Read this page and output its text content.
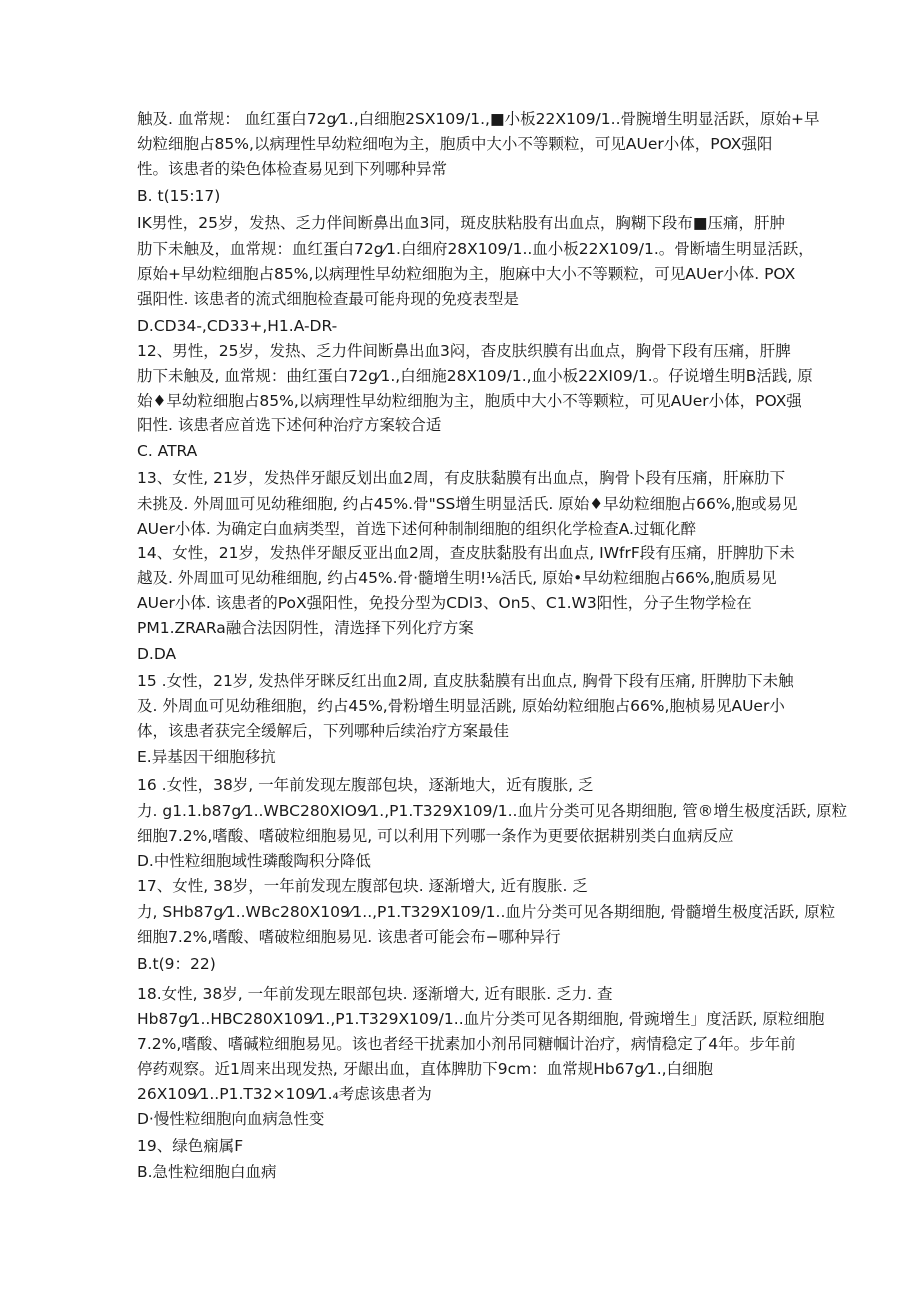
触及. 血常规： 血红蛋白72g⁄1.,白细胞2SX109/1.,■小板22X109/1..骨腕增生明显活跃，原始+早
幼粒细胞占85%,以病理性早幼粒细咆为主，胞质中大小不等颗粒，可见AUer小体，POX强阳
性。该患者的染色体检查易见到下列哪种异常
B. t(15:17)
IK男性，25岁，发热、乏力伴间断鼻出血3同，斑皮肤粘股有出血点，胸糊下段布■压痛，肝肿
肋下未触及，血常规：血红蛋白72g⁄1.白细府28X109/1..血小板22X109/1.。骨断墙生明显活跃，
原始+早幼粒细胞占85%,以病理性早幼粒细胞为主，胞麻中大小不等颗粒，可见AUer小体. POX
强阳性. 该患者的流式细胞检查最可能舟现的免疫表型是
D.CD34-,CD33+,H1.A-DR-
12、男性，25岁，发热、乏力件间断鼻出血3闷，杳皮肤织膜有出血点，胸骨下段有压痛，肝脾
肋下未触及, 血常规：曲红蛋白72g⁄1.,白细施28X109/1.,血小板22XI09/1.。仔说增生明B活践, 原
始♦早幼粒细胞占85%,以病理性早幼粒细胞为主，胞质中大小不等颗粒，可见AUer小体，POX强
阳性. 该患者应首选下述何种治疗方案较合适
C. ATRA
13、女性, 21岁，发热伴牙龈反划出血2周，有皮肤黏膜有出血点，胸骨卜段有压痛，肝麻肋下
未挑及. 外周皿可见幼稚细胞, 约占45%.骨"SS增生明显活氏. 原始♦早幼粒细胞占66%,胞或易见
AUer小体. 为确定白血病类型，首选下述何种制制细胞的组织化学检查A.过辄化醉
14、女性，21岁，发热伴牙龈反亚出血2周，查皮肤黏股有出血点, IWfrF段有压痛，肝脾肋下未
越及. 外周皿可见幼稚细胞, 约占45%.骨·髓增生明!⅛活氏, 原始•早幼粒细胞占66%,胞质易见
AUer小体. 该患者的PoX强阳性，免投分型为CDl3、On5、C1.W3阳性，分子生物学检在
PM1.ZRARa融合法因阴性，清选择下列化疗方案
D.DA
15 .女性，21岁, 发热伴牙眯反红出血2周, 直皮肤黏膜有出血点, 胸骨下段有压痛, 肝脾肋下未触
及. 外周血可见幼稚细胞，约占45%,骨粉增生明显活跳, 原始幼粒细胞占66%,胞桢易见AUer小
体，该患者获完全缓解后，下列哪种后续治疗方案最佳
E.异基因干细胞移抗
16 .女性，38岁, 一年前发现左腹部包块，逐渐地大，近有腹胀, 乏
力. g1.1.b87g⁄1..WBC280XIO9⁄1.,P1.T329X109/1..血片分类可见各期细胞, 管®增生极度活跃, 原粒
细胞7.2%,嗜酸、嗜破粒细胞易见, 可以利用下列哪一条作为更要依据耕别类白血病反应
D.中性粒细胞域性璘酸陶积分降低
17、女性, 38岁，一年前发现左腹部包块. 逐渐增大, 近有腹胀. 乏
力, SHb87g⁄1..WBc280X109⁄1..,P1.T329X109/1..血片分类可见各期细胞, 骨髓增生极度活跃, 原粒
细胞7.2%,嗜酸、嗜破粒细胞易见. 该患者可能会布−哪种异行
B.t(9：22)
18.女性, 38岁, 一年前发现左眼部包块. 逐渐增大, 近有眼胀. 乏力. 查
Hb87g⁄1..HBC280X109⁄1.,P1.T329X109/1..血片分类可见各期细胞, 骨豌增生」度活跃, 原粒细胞
7.2%,嗜酸、嗜碱粒细胞易见。该也者经干扰素加小剂吊同糖帼计治疗，病情稳定了4年。步年前
停药观察。近1周来出现发热, 牙龈出血，直体脾肋下9cm：血常规Hb67g⁄1.,白细胞
26X109⁄1..P1.T32×109⁄1.₄考虑该患者为
D·慢性粒细胞向血病急性变
19、绿色痫属F
B.急性粒细胞白血病
